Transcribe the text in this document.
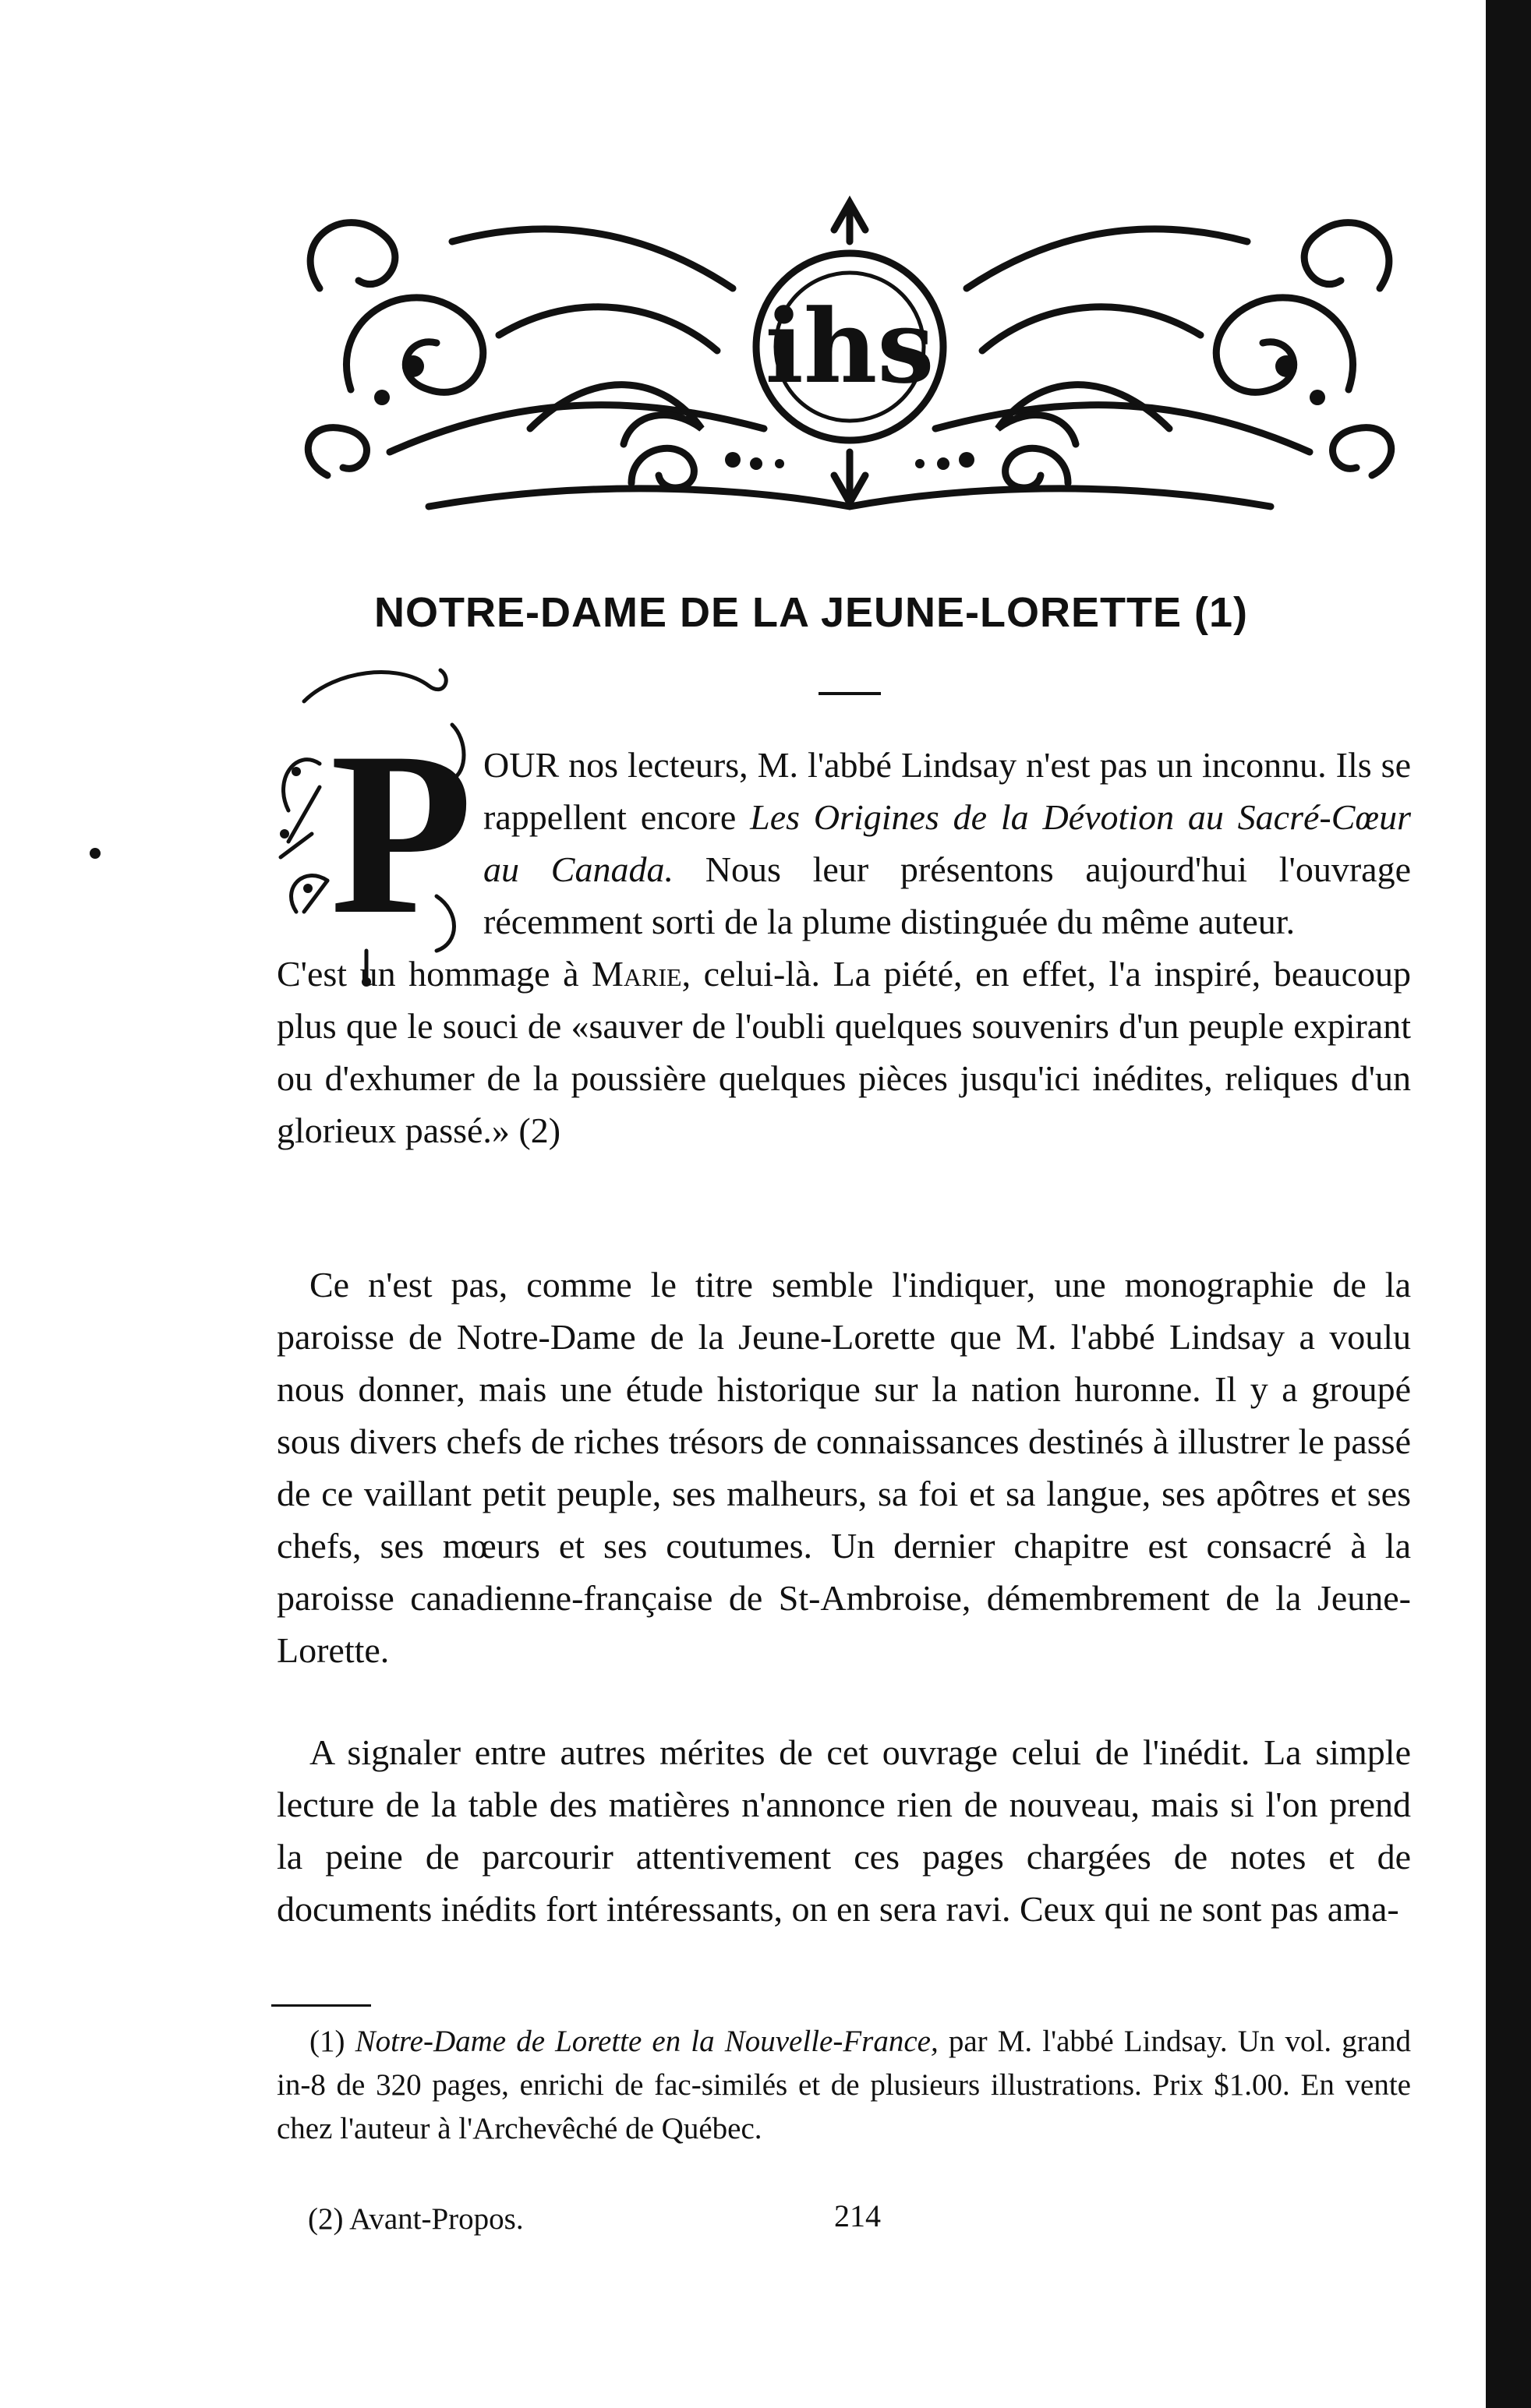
ihs
NOTRE-DAME DE LA JEUNE-LORETTE (1)
P OUR nos lecteurs, M. l'abbé Lindsay n'est pas un inconnu. Ils se rappellent encore Les Origines de la Dévotion au Sacré-Cœur au Canada. Nous leur présentons aujourd'hui l'ouvrage récemment sorti de la plume distinguée du même auteur.
C'est un hommage à Marie, celui-là. La piété, en effet, l'a inspiré, beaucoup plus que le souci de «sauver de l'oubli quelques souvenirs d'un peuple expirant ou d'exhumer de la poussière quelques pièces jusqu'ici inédites, reliques d'un glorieux passé.» (2)

Ce n'est pas, comme le titre semble l'indiquer, une monographie de la paroisse de Notre-Dame de la Jeune-Lorette que M. l'abbé Lindsay a voulu nous donner, mais une étude historique sur la nation huronne. Il y a groupé sous divers chefs de riches trésors de connaissances destinés à illustrer le passé de ce vaillant petit peuple, ses malheurs, sa foi et sa langue, ses apôtres et ses chefs, ses mœurs et ses coutumes. Un dernier chapitre est consacré à la paroisse canadienne-française de St-Ambroise, démembrement de la Jeune-Lorette.

A signaler entre autres mérites de cet ouvrage celui de l'inédit. La simple lecture de la table des matières n'annonce rien de nouveau, mais si l'on prend la peine de parcourir attentivement ces pages chargées de notes et de documents inédits fort intéressants, on en sera ravi. Ceux qui ne sont pas ama-

(1) Notre-Dame de Lorette en la Nouvelle-France, par M. l'abbé Lindsay. Un vol. grand in-8 de 320 pages, enrichi de fac-similés et de plusieurs illustrations. Prix $1.00. En vente chez l'auteur à l'Archevêché de Québec.

(2) Avant-Propos.	214
